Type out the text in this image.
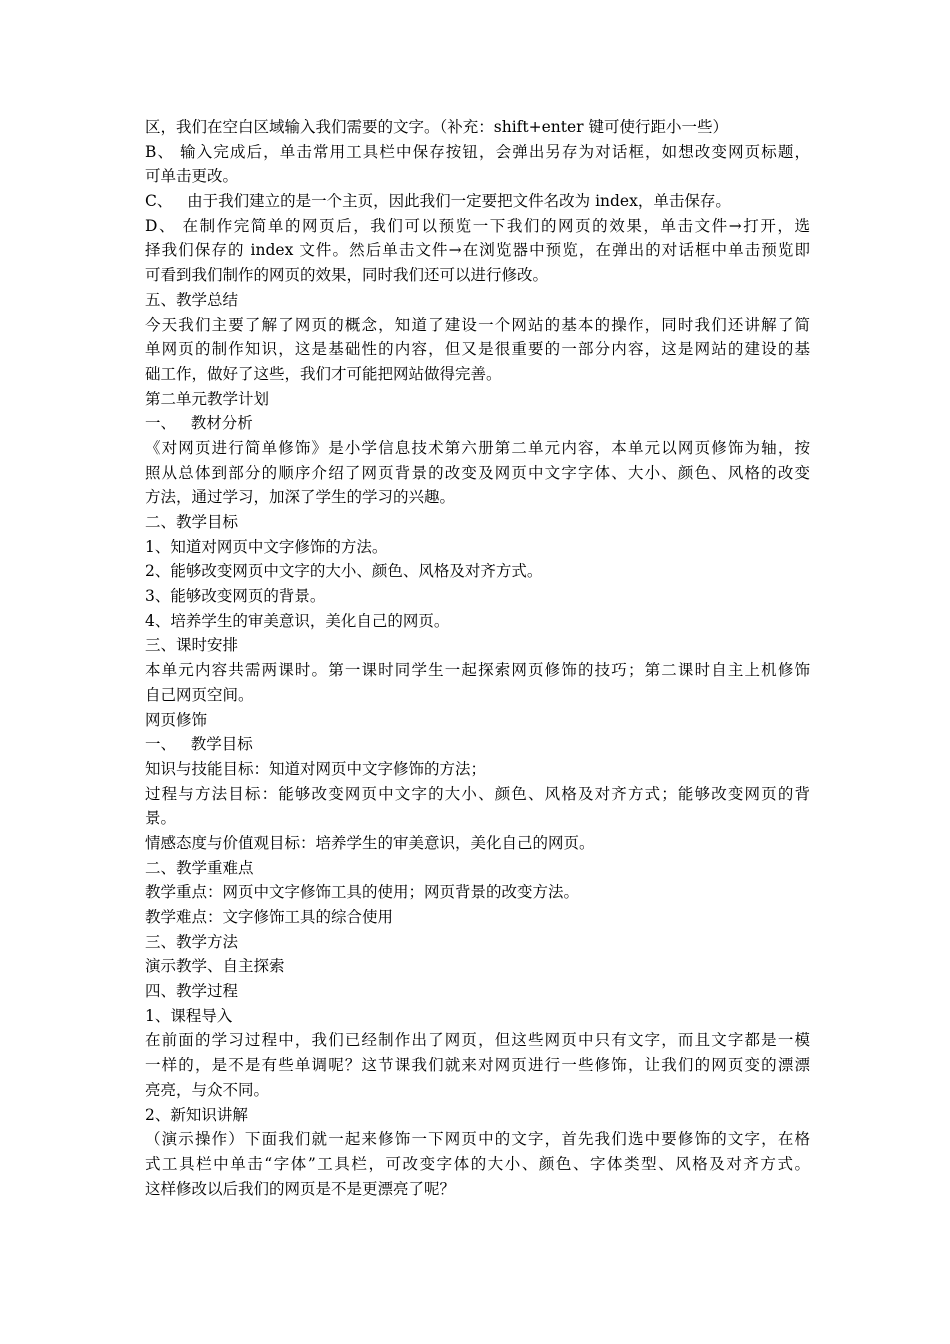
区，我们在空白区域输入我们需要的文字。（补充：shift+enter 键可使行距小一些）
B、 输入完成后，单击常用工具栏中保存按钮，会弹出另存为对话框，如想改变网页标题，
可单击更改。
C、   由于我们建立的是一个主页，因此我们一定要把文件名改为 index，单击保存。
D、 在制作完简单的网页后，我们可以预览一下我们的网页的效果，单击文件→打开，选
择我们保存的 index 文件。然后单击文件→在浏览器中预览，在弹出的对话框中单击预览即
可看到我们制作的网页的效果，同时我们还可以进行修改。
五、教学总结
今天我们主要了解了网页的概念，知道了建设一个网站的基本的操作，同时我们还讲解了简
单网页的制作知识，这是基础性的内容，但又是很重要的一部分内容，这是网站的建设的基
础工作，做好了这些，我们才可能把网站做得完善。
第二单元教学计划
一、   教材分析
《对网页进行简单修饰》是小学信息技术第六册第二单元内容，本单元以网页修饰为轴，按
照从总体到部分的顺序介绍了网页背景的改变及网页中文字字体、大小、颜色、风格的改变
方法，通过学习，加深了学生的学习的兴趣。
二、教学目标
1、知道对网页中文字修饰的方法。
2、能够改变网页中文字的大小、颜色、风格及对齐方式。
3、能够改变网页的背景。
4、培养学生的审美意识，美化自己的网页。
三、课时安排
本单元内容共需两课时。第一课时同学生一起探索网页修饰的技巧；第二课时自主上机修饰
自己网页空间。
网页修饰
一、   教学目标
知识与技能目标：知道对网页中文字修饰的方法；
过程与方法目标：能够改变网页中文字的大小、颜色、风格及对齐方式；能够改变网页的背
景。
情感态度与价值观目标：培养学生的审美意识，美化自己的网页。
二、教学重难点
教学重点：网页中文字修饰工具的使用；网页背景的改变方法。
教学难点：文字修饰工具的综合使用
三、教学方法
演示教学、自主探索
四、教学过程
1、课程导入
在前面的学习过程中，我们已经制作出了网页，但这些网页中只有文字，而且文字都是一模
一样的，是不是有些单调呢？这节课我们就来对网页进行一些修饰，让我们的网页变的漂漂
亮亮，与众不同。
2、新知识讲解
（演示操作）下面我们就一起来修饰一下网页中的文字，首先我们选中要修饰的文字，在格
式工具栏中单击“字体”工具栏，可改变字体的大小、颜色、字体类型、风格及对齐方式。
这样修改以后我们的网页是不是更漂亮了呢？
